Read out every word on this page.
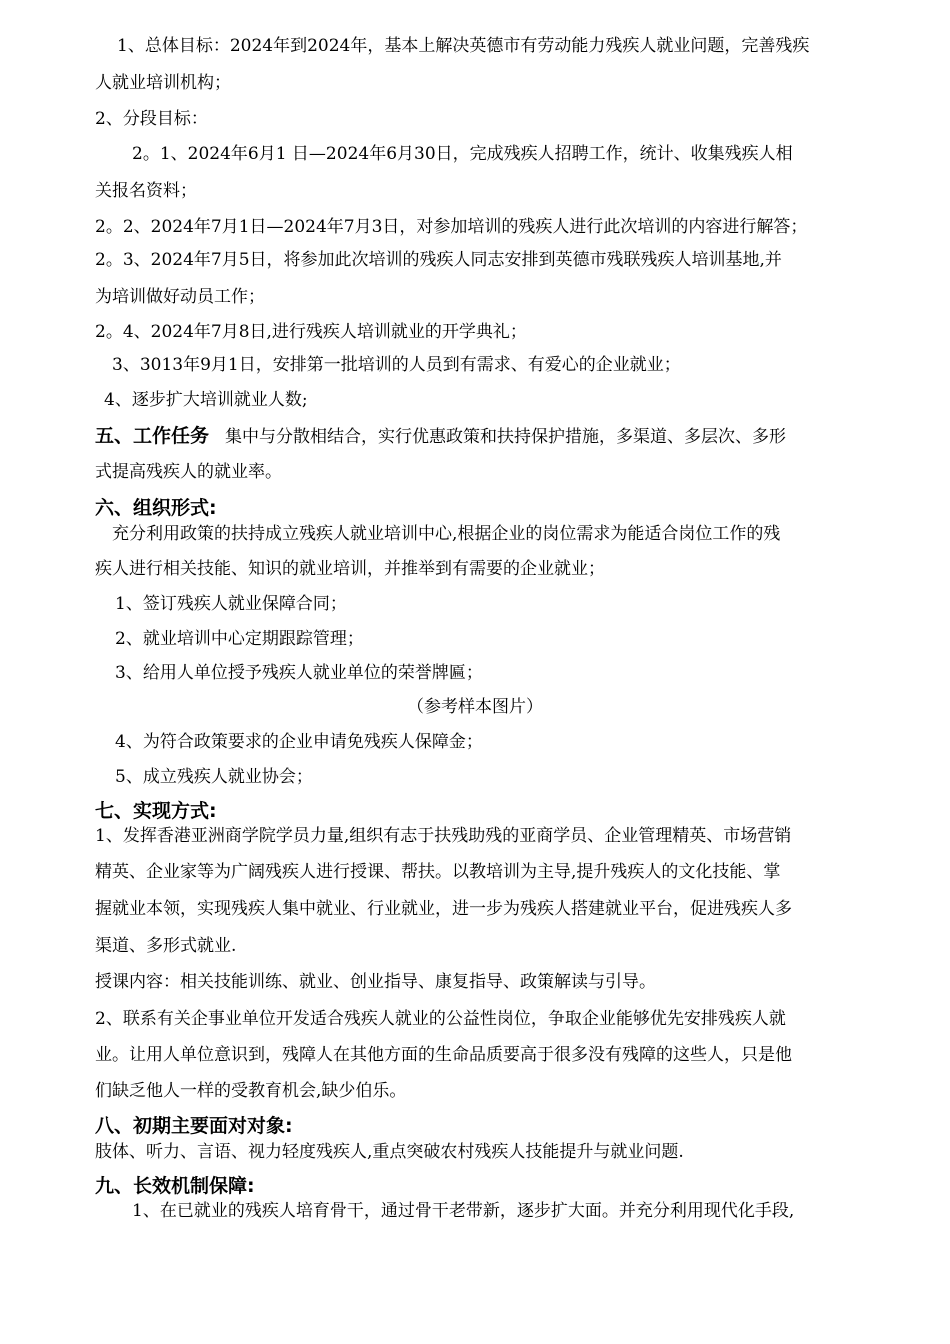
1、总体目标：2024年到2024年，基本上解决英德市有劳动能力残疾人就业问题，完善残疾
人就业培训机构；
2、分段目标：
2。1、2024年6月1 日—2024年6月30日，完成残疾人招聘工作，统计、收集残疾人相
关报名资料；
2。2、2024年7月1日—2024年7月3日，对参加培训的残疾人进行此次培训的内容进行解答；
2。3、2024年7月5日，将参加此次培训的残疾人同志安排到英德市残联残疾人培训基地,并
为培训做好动员工作；
2。4、2024年7月8日,进行残疾人培训就业的开学典礼；
3、3013年9月1日，安排第一批培训的人员到有需求、有爱心的企业就业；
4、逐步扩大培训就业人数;
五、工作任务 集中与分散相结合，实行优惠政策和扶持保护措施，多渠道、多层次、多形
式提高残疾人的就业率。
六、组织形式:
充分利用政策的扶持成立残疾人就业培训中心,根据企业的岗位需求为能适合岗位工作的残
疾人进行相关技能、知识的就业培训，并推举到有需要的企业就业；
1、签订残疾人就业保障合同；
2、就业培训中心定期跟踪管理；
3、给用人单位授予残疾人就业单位的荣誉牌匾；
（参考样本图片）
4、为符合政策要求的企业申请免残疾人保障金；
5、成立残疾人就业协会；
七、实现方式:
1、发挥香港亚洲商学院学员力量,组织有志于扶残助残的亚商学员、企业管理精英、市场营销
精英、企业家等为广阔残疾人进行授课、帮扶。以教培训为主导,提升残疾人的文化技能、掌
握就业本领，实现残疾人集中就业、行业就业，进一步为残疾人搭建就业平台，促进残疾人多
渠道、多形式就业.
授课内容：相关技能训练、就业、创业指导、康复指导、政策解读与引导。
2、联系有关企事业单位开发适合残疾人就业的公益性岗位，争取企业能够优先安排残疾人就
业。让用人单位意识到，残障人在其他方面的生命品质要高于很多没有残障的这些人，只是他
们缺乏他人一样的受教育机会,缺少伯乐。
八、初期主要面对对象:
肢体、听力、言语、视力轻度残疾人,重点突破农村残疾人技能提升与就业问题.
九、长效机制保障:
1、在已就业的残疾人培育骨干，通过骨干老带新，逐步扩大面。并充分利用现代化手段,
